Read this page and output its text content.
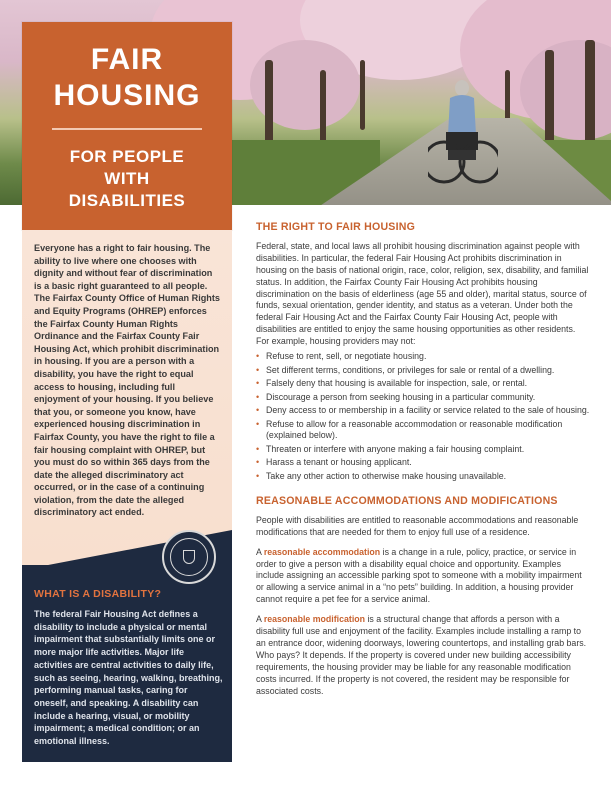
FAIR
HOUSING
FOR PEOPLE
WITH
DISABILITIES
Everyone has a right to fair housing. The ability to live where one chooses with dignity and without fear of discrimination is a basic right guaranteed to all people. The Fairfax County Office of Human Rights and Equity Programs (OHREP) enforces the Fairfax County Human Rights Ordinance and the Fairfax County Fair Housing Act, which prohibit discrimination in housing. If you are a person with a disability, you have the right to equal access to housing, including full enjoyment of your housing. If you believe that you, or someone you know, have experienced housing discrimination in Fairfax County, you have the right to file a fair housing complaint with OHREP, but you must do so within 365 days from the date the alleged discriminatory act occurred, or in the case of a continuing violation, from the date the alleged discriminatory act ended.
WHAT IS A DISABILITY?
The federal Fair Housing Act defines a disability to include a physical or mental impairment that substantially limits one or more major life activities. Major life activities are central activities to daily life, such as seeing, hearing, walking, breathing, performing manual tasks, caring for oneself, and speaking. A disability can include a hearing, visual, or mobility impairment; a medical condition; or an emotional illness.
THE RIGHT TO FAIR HOUSING

Federal, state, and local laws all prohibit housing discrimination against people with disabilities. In particular, the federal Fair Housing Act prohibits discrimination in housing on the basis of national origin, race, color, religion, sex, disability, and familial status. In addition, the Fairfax County Fair Housing Act prohibits housing discrimination on the basis of elderliness (age 55 and older), marital status, source of funds, sexual orientation, gender identity, and status as a veteran. Under both the federal Fair Housing Act and the Fairfax County Fair Housing Act, people with disabilities are entitled to enjoy the same housing opportunities as other residents. For example, housing providers may not:

• Refuse to rent, sell, or negotiate housing.
• Set different terms, conditions, or privileges for sale or rental of a dwelling.
• Falsely deny that housing is available for inspection, sale, or rental.
• Discourage a person from seeking housing in a particular community.
• Deny access to or membership in a facility or service related to the sale of housing.
• Refuse to allow for a reasonable accommodation or reasonable modification (explained below).
• Threaten or interfere with anyone making a fair housing complaint.
• Harass a tenant or housing applicant.
• Take any other action to otherwise make housing unavailable.
REASONABLE ACCOMMODATIONS AND MODIFICATIONS

People with disabilities are entitled to reasonable accommodations and reasonable modifications that are needed for them to enjoy full use of a residence.

A reasonable accommodation is a change in a rule, policy, practice, or service in order to give a person with a disability equal choice and opportunity. Examples include assigning an accessible parking spot to someone with a mobility impairment or allowing a service animal in a “no pets” building. In addition, a housing provider cannot require a pet fee for a service animal.

A reasonable modification is a structural change that affords a person with a disability full use and enjoyment of the facility. Examples include installing a ramp to an entrance door, widening doorways, lowering countertops, and installing grab bars. Who pays? It depends. If the property is covered under new building accessibility requirements, the housing provider may be liable for any reasonable modification costs incurred. If the property is not covered, the resident may be responsible for associated costs.
